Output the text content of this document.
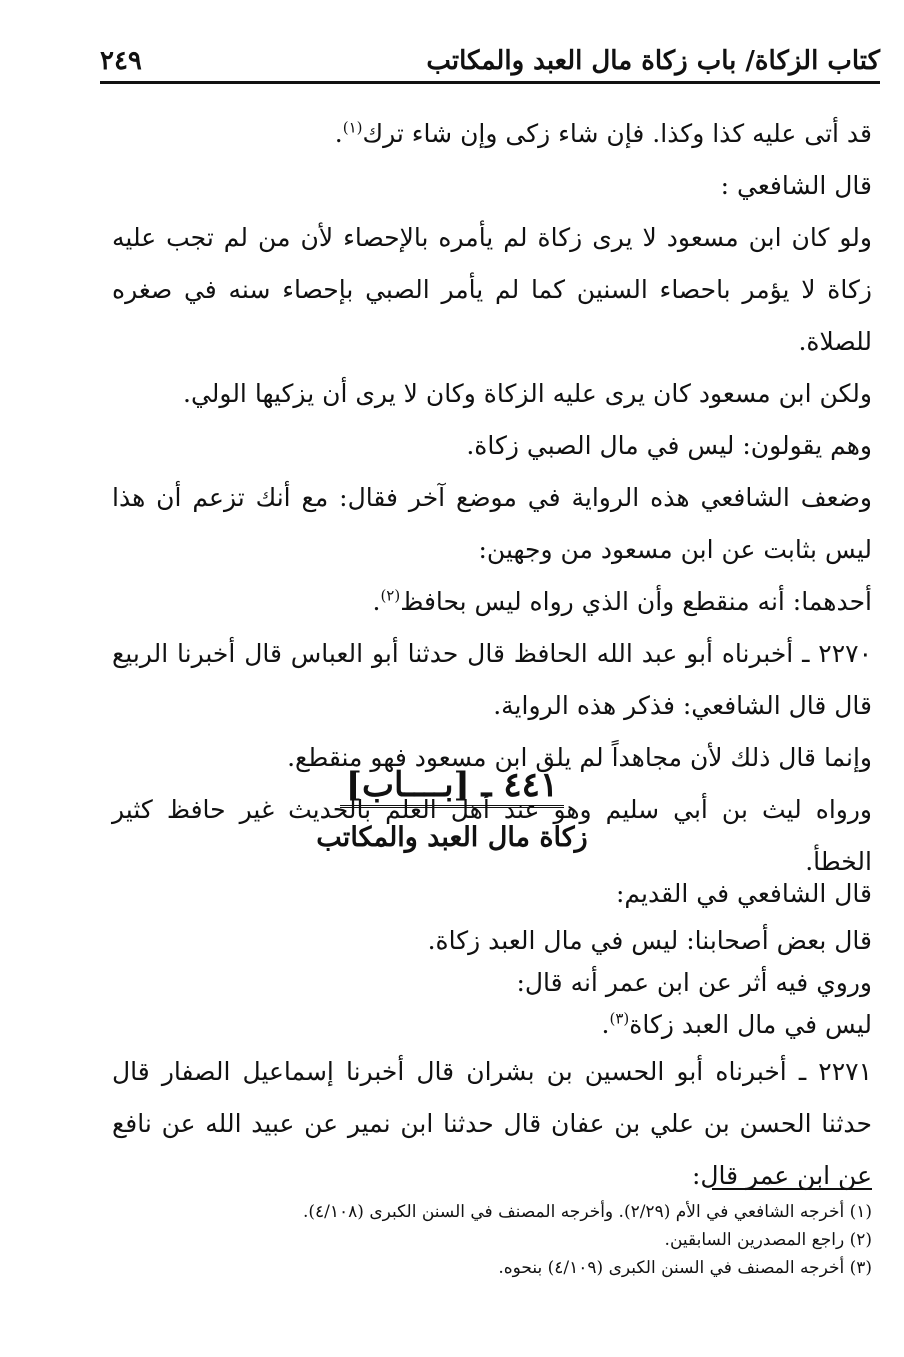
كتاب الزكاة/ باب زكاة مال العبد والمكاتب
٢٤٩

قد أتى عليه كذا وكذا. فإن شاء زكى وإن شاء ترك$^{(١)}$.

قال الشافعي :

ولو كان ابن مسعود لا يرى زكاة لم يأمره بالإحصاء لأن من لم تجب عليه زكاة لا يؤمر باحصاء السنين كما لم يأمر الصبي بإحصاء سنه في صغره للصلاة.

ولكن ابن مسعود كان يرى عليه الزكاة وكان لا يرى أن يزكيها الولي.

وهم يقولون: ليس في مال الصبي زكاة.

وضعف الشافعي هذه الرواية في موضع آخر فقال: مع أنك تزعم أن هذا ليس بثابت عن ابن مسعود من وجهين:

أحدهما: أنه منقطع وأن الذي رواه ليس بحافظ$^{(٢)}$.

٢٢٧٠ ـ أخبرناه أبو عبد الله الحافظ قال حدثنا أبو العباس قال أخبرنا الربيع قال قال الشافعي: فذكر هذه الرواية.

وإنما قال ذلك لأن مجاهداً لم يلق ابن مسعود فهو منقطع.

ورواه ليث بن أبي سليم وهو عند أهل العلم بالحديث غير حافظ كثير الخطأ.

٤٤١ ـ [بــــاب]
زكاة مال العبد والمكاتب

قال الشافعي في القديم:

قال بعض أصحابنا: ليس في مال العبد زكاة.

وروي فيه أثر عن ابن عمر أنه قال:

ليس في مال العبد زكاة$^{(٣)}$.

٢٢٧١ ـ أخبرناه أبو الحسين بن بشران قال أخبرنا إسماعيل الصفار قال حدثنا الحسن بن علي بن عفان قال حدثنا ابن نمير عن عبيد الله عن نافع عن ابن عمر قال:

(١) أخرجه الشافعي في الأم (٢/٢٩). وأخرجه المصنف في السنن الكبرى (٤/١٠٨).

(٢) راجع المصدرين السابقين.

(٣) أخرجه المصنف في السنن الكبرى (٤/١٠٩) بنحوه.
